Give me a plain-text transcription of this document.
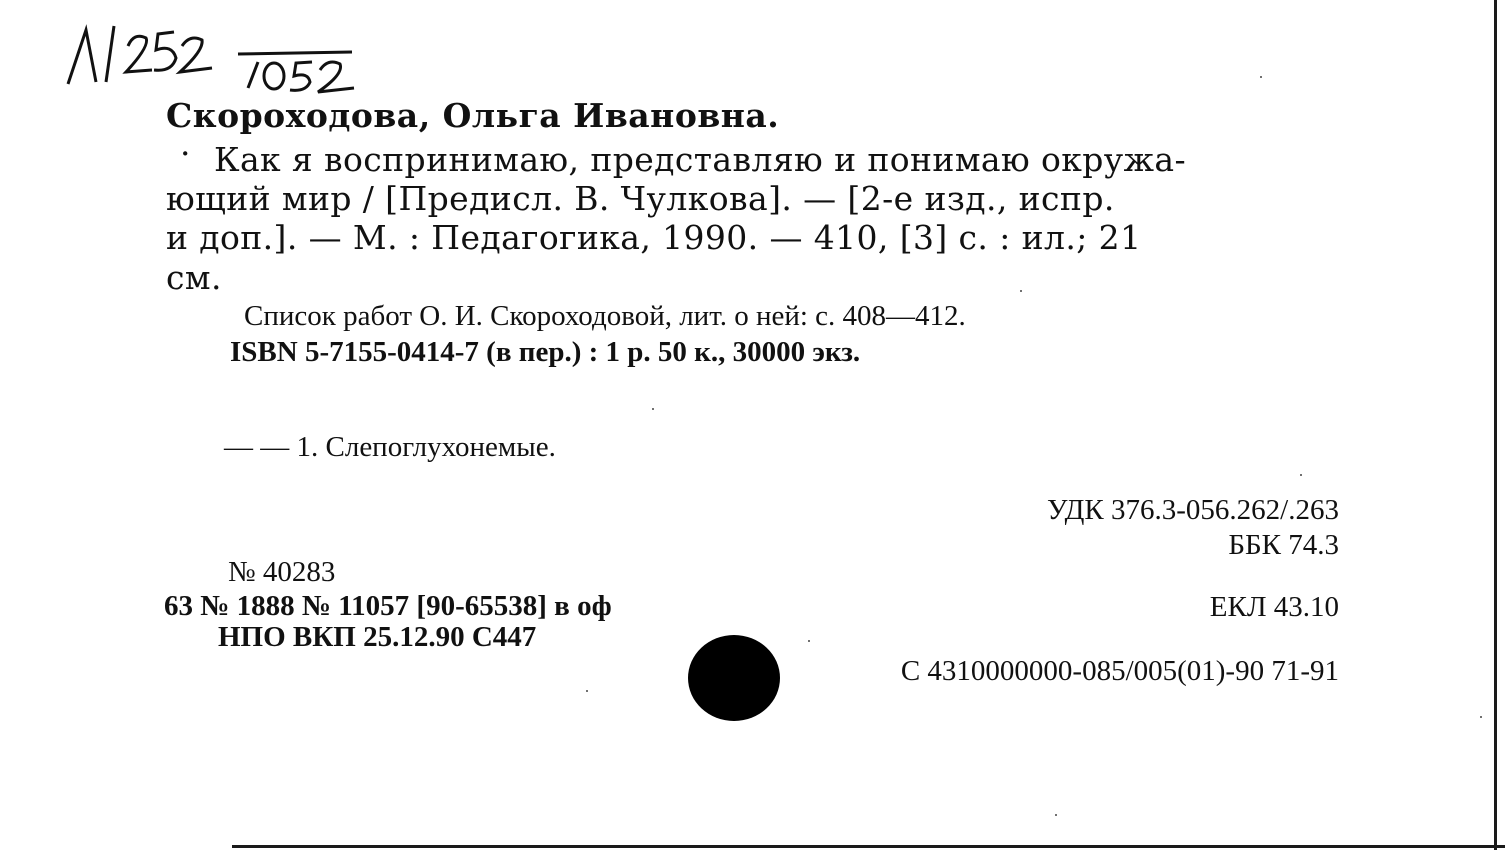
Скороходова, Ольга Ивановна.
· Как я воспринимаю, представляю и понимаю окружа-
ющий мир / [Предисл. В. Чулкова]. — [2-е изд., испр.
и доп.]. — М. : Педагогика, 1990. — 410, [3] с. : ил.; 21
см.
Список работ О. И. Скороходовой, лит. о ней: с. 408—412.
ISBN 5-7155-0414-7 (в пер.) : 1 р. 50 к., 30000 экз.
— — 1. Слепоглухонемые.
УДК 376.3-056.262/.263
ББК 74.3
№ 40283
63 № 1888 № 11057 [90-65538] в оф	ЕКЛ 43.10
НПО ВКП 25.12.90 С447
С 4310000000-085/005(01)-90 71-91
